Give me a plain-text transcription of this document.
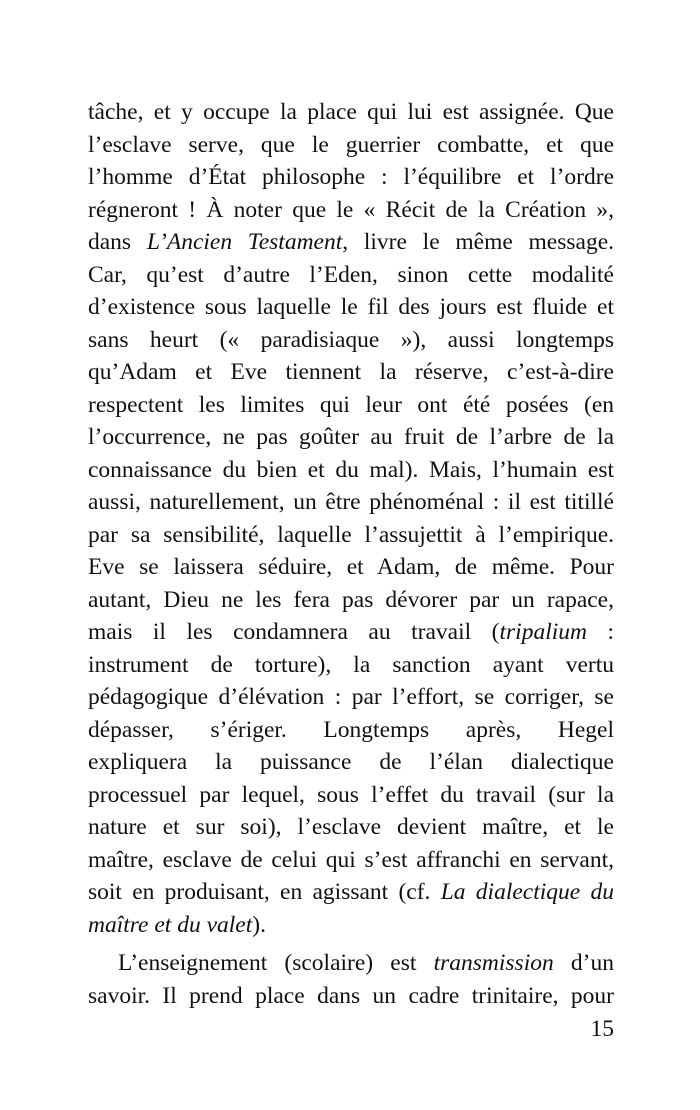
tâche, et y occupe la place qui lui est assignée. Que
l’esclave serve, que le guerrier combatte, et que
l’homme d’État philosophe : l’équilibre et l’ordre
régneront ! À noter que le « Récit de la Création »,
dans L’Ancien Testament, livre le même message.
Car, qu’est d’autre l’Eden, sinon cette modalité
d’existence sous laquelle le fil des jours est fluide et
sans heurt (« paradisiaque »), aussi longtemps
qu’Adam et Eve tiennent la réserve, c’est-à-dire
respectent les limites qui leur ont été posées (en
l’occurrence, ne pas goûter au fruit de l’arbre de la
connaissance du bien et du mal). Mais, l’humain est
aussi, naturellement, un être phénoménal : il est titillé
par sa sensibilité, laquelle l’assujettit à l’empirique.
Eve se laissera séduire, et Adam, de même. Pour
autant, Dieu ne les fera pas dévorer par un rapace,
mais il les condamnera au travail (tripalium :
instrument de torture), la sanction ayant vertu
pédagogique d’élévation : par l’effort, se corriger, se
dépasser, s’ériger. Longtemps après, Hegel
expliquera la puissance de l’élan dialectique
processuel par lequel, sous l’effet du travail (sur la
nature et sur soi), l’esclave devient maître, et le
maître, esclave de celui qui s’est affranchi en servant,
soit en produisant, en agissant (cf. La dialectique du
maître et du valet).
L’enseignement (scolaire) est transmission d’un
savoir. Il prend place dans un cadre trinitaire, pour
15
